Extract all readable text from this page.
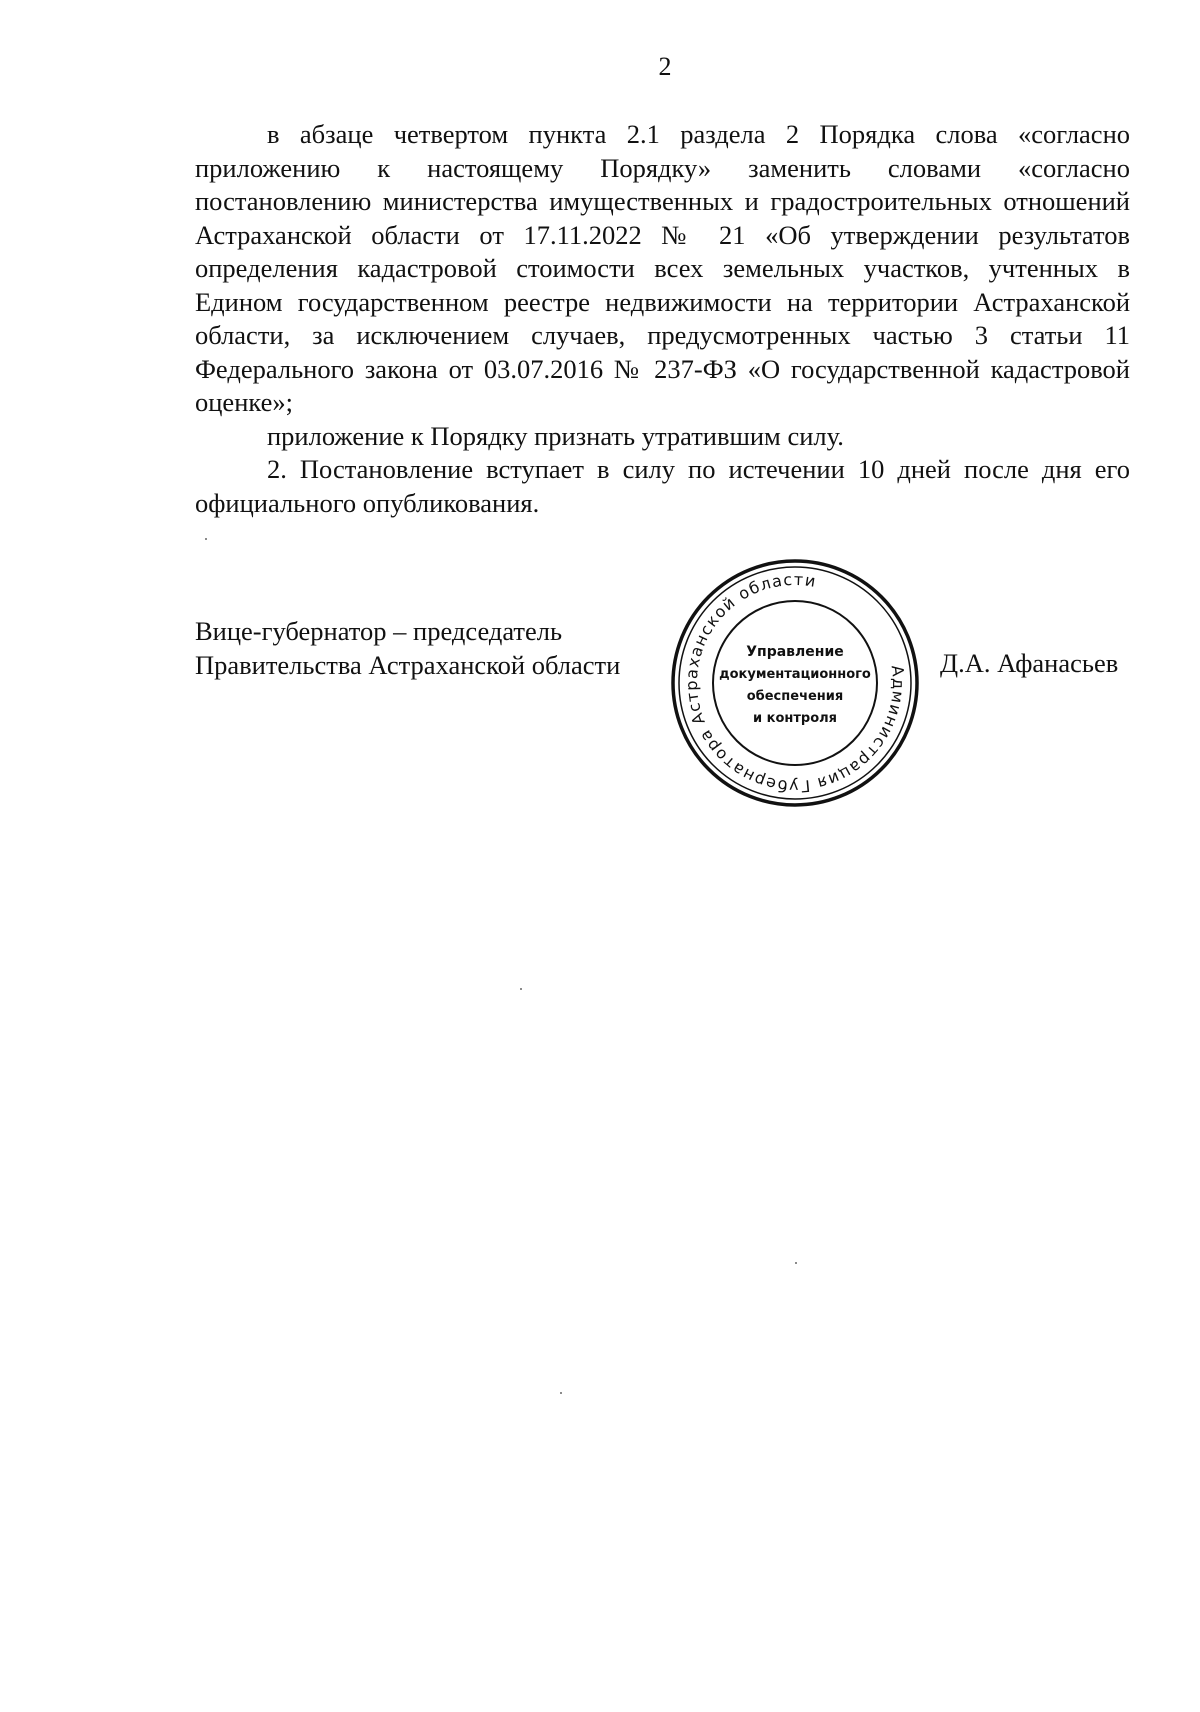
2

в абзаце четвертом пункта 2.1 раздела 2 Порядка слова «согласно приложению к настоящему Порядку» заменить словами «согласно постановлению министерства имущественных и градостроительных отношений Астраханской области от 17.11.2022 № 21 «Об утверждении результатов определения кадастровой стоимости всех земельных участков, учтенных в Едином государственном реестре недвижимости на территории Астраханской области, за исключением случаев, предусмотренных частью 3 статьи 11 Федерального закона от 03.07.2016 № 237-ФЗ «О государственной кадастровой оценке»;

приложение к Порядку признать утратившим силу.

2. Постановление вступает в силу по истечении 10 дней после дня его официального опубликования.

Вице-губернатор – председатель
Правительства Астраханской области	Д.А. Афанасьев
Администрация Губернатора Астраханской области
Управление
документационного
обеспечения
и контроля
